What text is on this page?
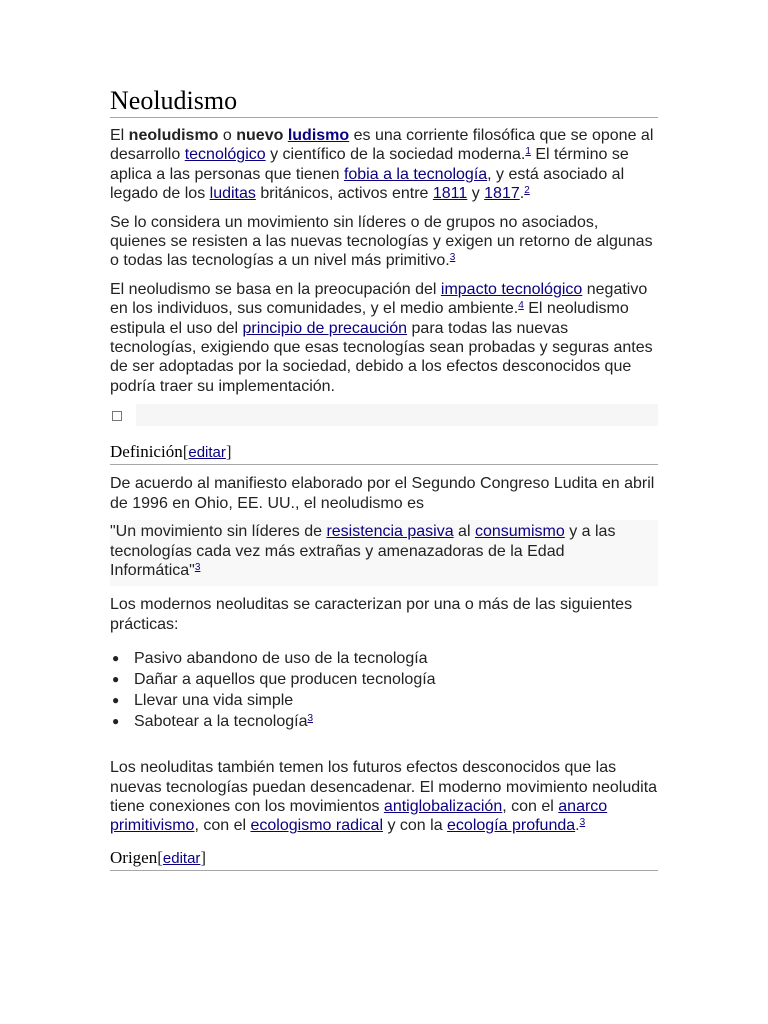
Neoludismo

El neoludismo o nuevo ludismo es una corriente filosófica que se opone al desarrollo tecnológico y científico de la sociedad moderna.$^1$ El término se aplica a las personas que tienen fobia a la tecnología, y está asociado al legado de los luditas británicos, activos entre 1811 y 1817.$^2$

Se lo considera un movimiento sin líderes o de grupos no asociados, quienes se resisten a las nuevas tecnologías y exigen un retorno de algunas o todas las tecnologías a un nivel más primitivo.$^3$

El neoludismo se basa en la preocupación del impacto tecnológico negativo en los individuos, sus comunidades, y el medio ambiente.$^4$ El neoludismo estipula el uso del principio de precaución para todas las nuevas tecnologías, exigiendo que esas tecnologías sean probadas y seguras antes de ser adoptadas por la sociedad, debido a los efectos desconocidos que podría traer su implementación.

Definición[editar]

De acuerdo al manifiesto elaborado por el Segundo Congreso Ludita en abril de 1996 en Ohio, EE. UU., el neoludismo es

"Un movimiento sin líderes de resistencia pasiva al consumismo y a las tecnologías cada vez más extrañas y amenazadoras de la Edad Informática"$^3$

Los modernos neoluditas se caracterizan por una o más de las siguientes prácticas:

● Pasivo abandono de uso de la tecnología
● Dañar a aquellos que producen tecnología
● Llevar una vida simple
● Sabotear a la tecnología$^3$

Los neoluditas también temen los futuros efectos desconocidos que las nuevas tecnologías puedan desencadenar. El moderno movimiento neoludita tiene conexiones con los movimientos antiglobalización, con el anarco primitivismo, con el ecologismo radical y con la ecología profunda.$^3$

Origen[editar]
